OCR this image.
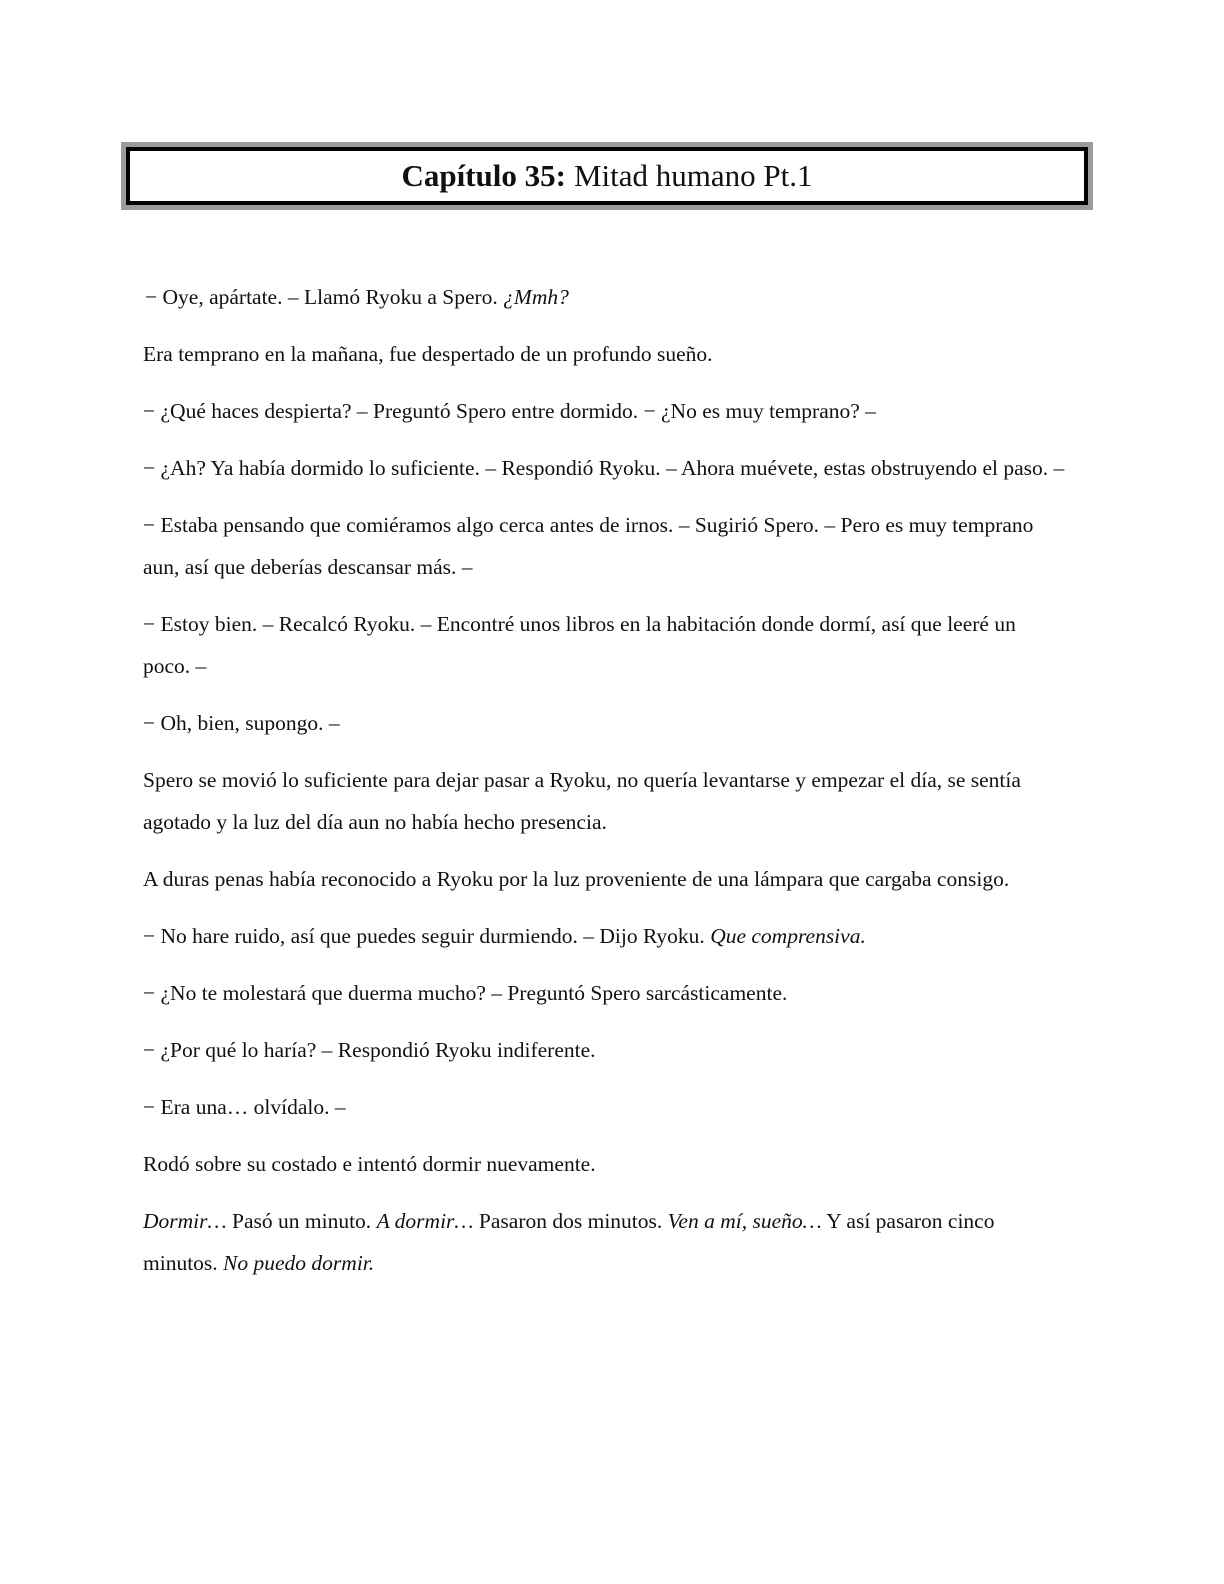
Capítulo 35: Mitad humano Pt.1

− Oye, apártate. – Llamó Ryoku a Spero. ¿Mmh?

Era temprano en la mañana, fue despertado de un profundo sueño.

− ¿Qué haces despierta? – Preguntó Spero entre dormido. − ¿No es muy temprano? –

− ¿Ah? Ya había dormido lo suficiente. – Respondió Ryoku. – Ahora muévete, estas obstruyendo el paso. –

− Estaba pensando que comiéramos algo cerca antes de irnos. – Sugirió Spero. – Pero es muy temprano aun, así que deberías descansar más. –

− Estoy bien. – Recalcó Ryoku. – Encontré unos libros en la habitación donde dormí, así que leeré un poco. –

− Oh, bien, supongo. –

Spero se movió lo suficiente para dejar pasar a Ryoku, no quería levantarse y empezar el día, se sentía agotado y la luz del día aun no había hecho presencia.

A duras penas había reconocido a Ryoku por la luz proveniente de una lámpara que cargaba consigo.

− No hare ruido, así que puedes seguir durmiendo. – Dijo Ryoku. Que comprensiva.

− ¿No te molestará que duerma mucho? – Preguntó Spero sarcásticamente.

− ¿Por qué lo haría? – Respondió Ryoku indiferente.

− Era una… olvídalo. –

Rodó sobre su costado e intentó dormir nuevamente.

Dormir… Pasó un minuto. A dormir… Pasaron dos minutos. Ven a mí, sueño… Y así pasaron cinco minutos. No puedo dormir.
